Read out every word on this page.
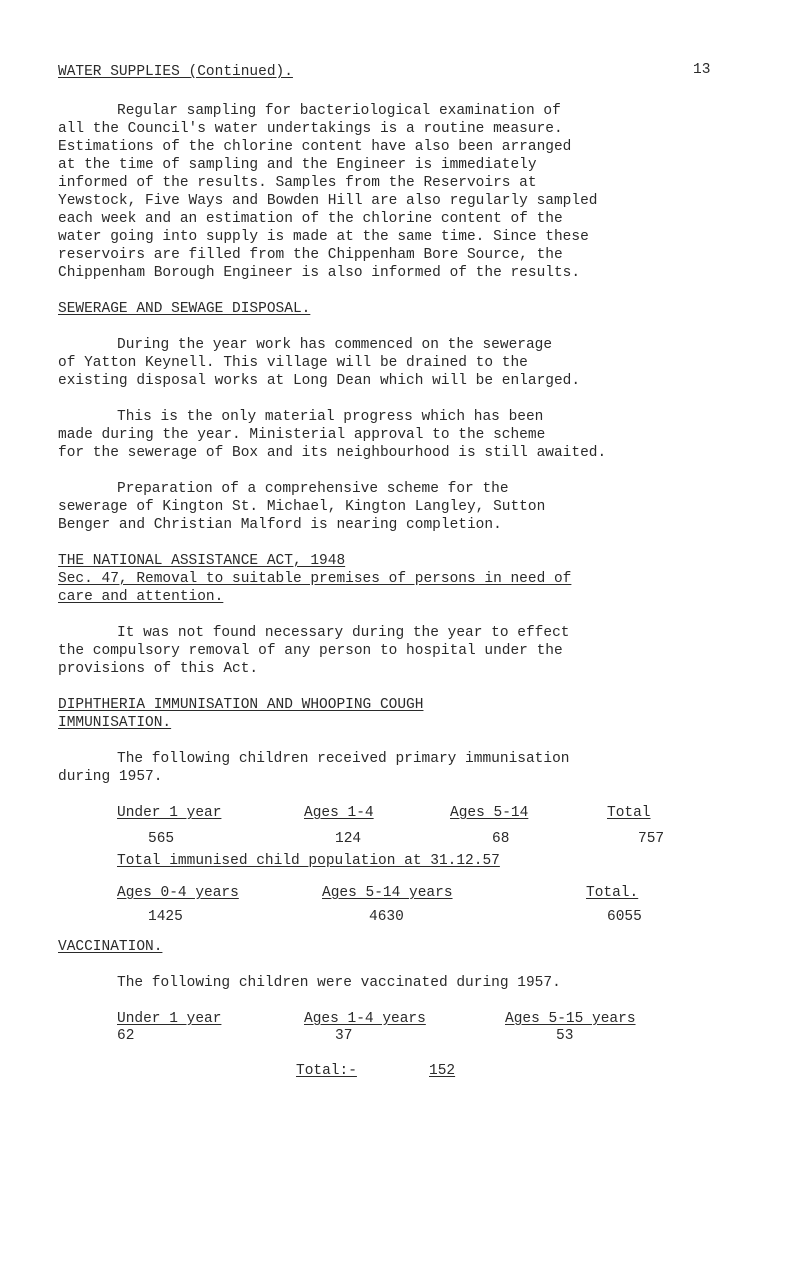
WATER SUPPLIES (Continued).	13
Regular sampling for bacteriological examination of
all the Council's water undertakings is a routine measure.
Estimations of the chlorine content have also been arranged
at the time of sampling and the Engineer is immediately
informed of the results. Samples from the Reservoirs at
Yewstock, Five Ways and Bowden Hill are also regularly sampled
each week and an estimation of the chlorine content of the
water going into supply is made at the same time. Since these
reservoirs are filled from the Chippenham Bore Source, the
Chippenham Borough Engineer is also informed of the results.
SEWERAGE AND SEWAGE DISPOSAL.
During the year work has commenced on the sewerage
of Yatton Keynell. This village will be drained to the
existing disposal works at Long Dean which will be enlarged.
This is the only material progress which has been
made during the year. Ministerial approval to the scheme
for the sewerage of Box and its neighbourhood is still awaited.
Preparation of a comprehensive scheme for the
sewerage of Kington St. Michael, Kington Langley, Sutton
Benger and Christian Malford is nearing completion.
THE NATIONAL ASSISTANCE ACT, 1948
Sec. 47, Removal to suitable premises of persons in need of
care and attention.
It was not found necessary during the year to effect
the compulsory removal of any person to hospital under the
provisions of this Act.
DIPHTHERIA IMMUNISATION AND WHOOPING COUGH
IMMUNISATION.
The following children received primary immunisation
during 1957.
Under 1 year	Ages 1-4	Ages 5-14	Total
565	124	68	757
Total immunised child population at 31.12.57
Ages 0-4 years	Ages 5-14 years	Total.
1425	4630	6055
VACCINATION.
The following children were vaccinated during 1957.
Under 1 year	Ages 1-4 years	Ages 5-15 years
62	37	53
Total:-	152
